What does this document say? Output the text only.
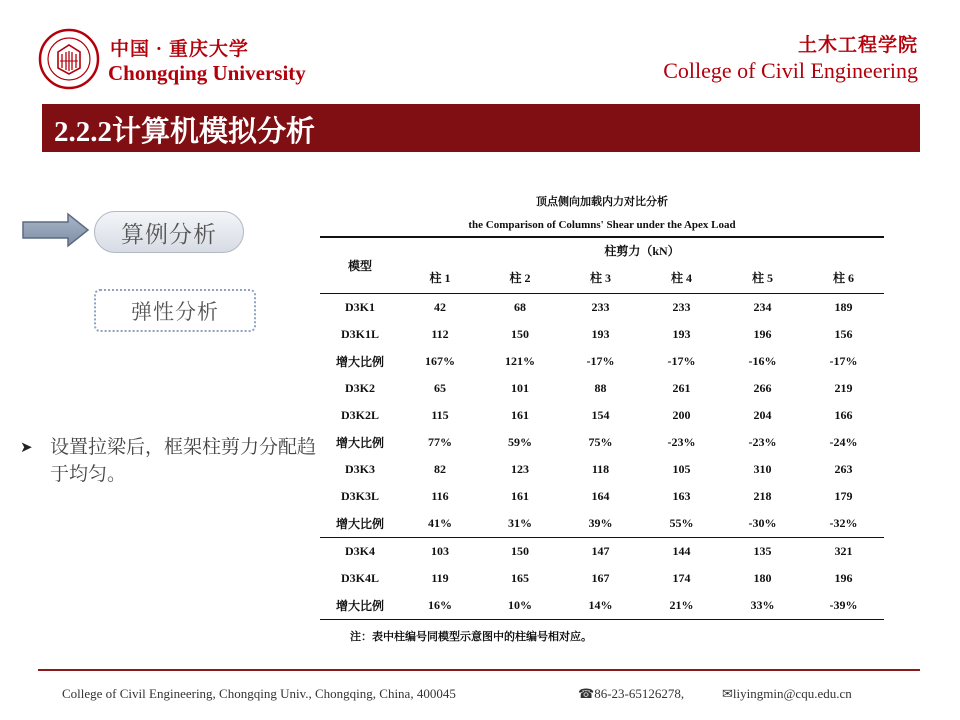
中国 · 重庆大学
Chongqing University
土木工程学院
College of Civil Engineering
2.2.2计算机模拟分析
算例分析
弹性分析
➤ 设置拉梁后，框架柱剪力分配趋于均匀。
顶点侧向加载内力对比分析
the Comparison of Columns' Shear under the Apex Load
模型	柱剪力（kN）					
	柱 1	柱 2	柱 3	柱 4	柱 5	柱 6
D3K1	42	68	233	233	234	189
D3K1L	112	150	193	193	196	156
增大比例	167%	121%	-17%	-17%	-16%	-17%
D3K2	65	101	88	261	266	219
D3K2L	115	161	154	200	204	166
增大比例	77%	59%	75%	-23%	-23%	-24%
D3K3	82	123	118	105	310	263
D3K3L	116	161	164	163	218	179
增大比例	41%	31%	39%	55%	-30%	-32%
D3K4	103	150	147	144	135	321
D3K4L	119	165	167	174	180	196
增大比例	16%	10%	14%	21%	33%	-39%
注：表中柱编号同模型示意图中的柱编号相对应。
College of Civil Engineering, Chongqing Univ., Chongqing, China, 400045	☎86-23-65126278,	✉liyingmin@cqu.edu.cn
